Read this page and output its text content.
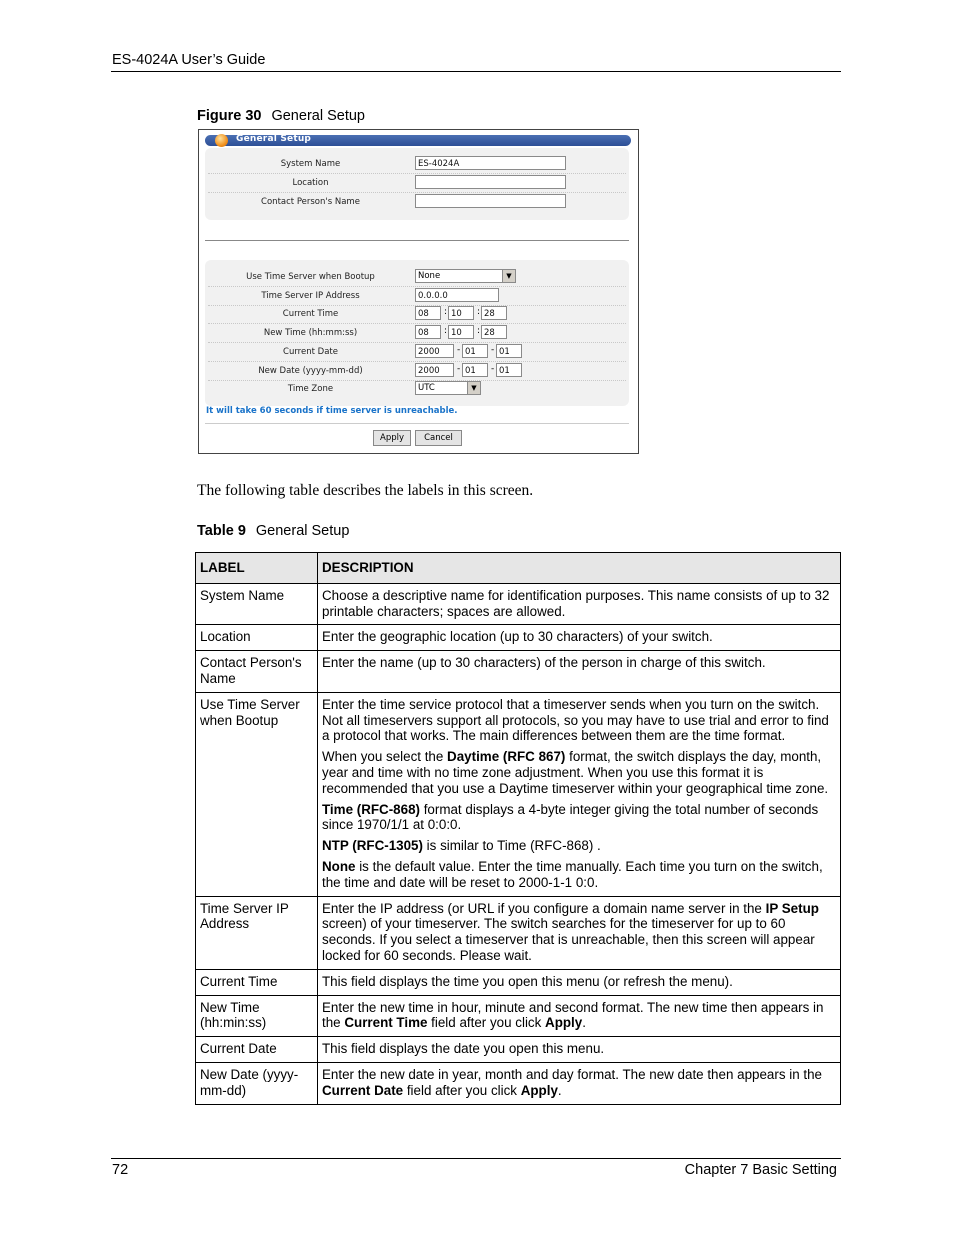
ES-4024A User’s Guide
Figure 30 General Setup
General Setup
System Name	ES-4024A
Location
Contact Person's Name
Use Time Server when Bootup	None	▼
Time Server IP Address	0.0.0.0
Current Time	08	: 10	: 28
New Time (hh:mm:ss)	08	: 10	: 28
Current Date	2000	- 01	- 01
New Date (yyyy-mm-dd)	2000	- 01	- 01
Time Zone	UTC	▼
It will take 60 seconds if time server is unreachable.
Apply	Cancel
The following table describes the labels in this screen.
Table 9 General Setup
LABEL	DESCRIPTION
System Name	Choose a descriptive name for identification purposes. This name consists of up to 32 printable characters; spaces are allowed.

Location	Enter the geographic location (up to 30 characters) of your switch.

Contact Person's Name	Enter the name (up to 30 characters) of the person in charge of this switch.

Use Time Server when Bootup	Enter the time service protocol that a timeserver sends when you turn on the switch. Not all timeservers support all protocols, so you may have to use trial and error to find a protocol that works. The main differences between them are the time format.

When you select the Daytime (RFC 867) format, the switch displays the day, month, year and time with no time zone adjustment. When you use this format it is recommended that you use a Daytime timeserver within your geographical time zone.

Time (RFC-868) format displays a 4-byte integer giving the total number of seconds since 1970/1/1 at 0:0:0.

NTP (RFC-1305) is similar to Time (RFC-868) .

None is the default value. Enter the time manually. Each time you turn on the switch, the time and date will be reset to 2000-1-1 0:0.

Time Server IP Address	Enter the IP address (or URL if you configure a domain name server in the IP Setup screen) of your timeserver. The switch searches for the timeserver for up to 60 seconds. If you select a timeserver that is unreachable, then this screen will appear locked for 60 seconds. Please wait.

Current Time	This field displays the time you open this menu (or refresh the menu).

New Time (hh:min:ss)	Enter the new time in hour, minute and second format. The new time then appears in the Current Time field after you click Apply.

Current Date	This field displays the date you open this menu.

New Date (yyyy-mm-dd)	Enter the new date in year, month and day format. The new date then appears in the Current Date field after you click Apply.

72	Chapter 7 Basic Setting
